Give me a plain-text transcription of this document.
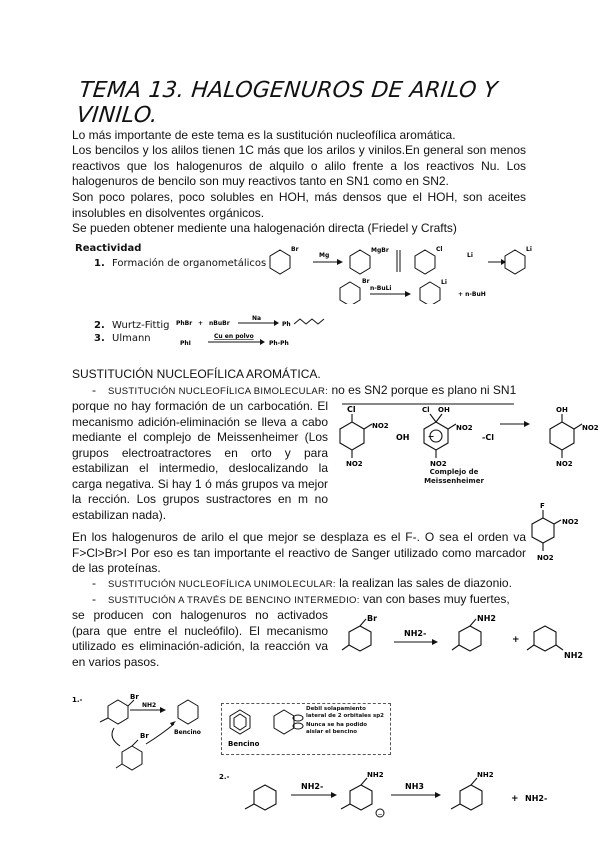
TEMA 13. HALOGENUROS DE ARILO Y VINILO.
Lo más importante de este tema es la sustitución nucleofílica aromática.
Los bencilos y los alilos tienen 1C más que los arilos y vinilos.En general son menos reactivos que los halogenuros de alquilo o alilo frente a los reactivos Nu. Los halogenuros de bencilo son muy reactivos tanto en SN1 como en SN2.
Son poco polares, poco solubles en HOH, más densos que el HOH, son aceites insolubles en disolventes orgánicos.
Se pueden obtener mediente una halogenación directa (Friedel y Crafts)
Reactividad
1. Formación de organometálicos
2. Wurtz-Fittig
3. Ulmann
Br
Mg
MgBr	Cl
Li
Li
Br
n-BuLi
Li
+ n-BuH
PhBr + nBuBr
Na
Ph
PhI
Cu en polvo
Ph-Ph
SUSTITUCIÓN NUCLEOFÍLICA AROMÁTICA.
- SUSTITUCIÓN NUCLEOFÍLICA BIMOLECULAR: no es SN2 porque es plano ni SN1
porque no hay formación de un carbocatión. El mecanismo adición-eliminación se lleva a cabo mediante el complejo de Meissenheimer (Los grupos electroatractores en orto y para estabilizan el intermedio, deslocalizando la carga negativa. Si hay 1 ó más grupos va mejor la rección. Los grupos sustractores en m no estabilizan nada).
−
Cl
NO2
NO2
OH
Cl OH
NO2
NO2
-Cl
OH
NO2
NO2
Complejo de Meissenheimer
F
NO2
NO2
En los halogenuros de arilo el que mejor se desplaza es el F-. O sea el orden va F>Cl>Br>I Por eso es tan importante el reactivo de Sanger utilizado como marcador de las proteínas.
- SUSTITUCIÓN NUCLEOFÍLICA UNIMOLECULAR: la realizan las sales de diazonio.
- SUSTITUCIÓN A TRAVÉS DE BENCINO INTERMEDIO: van con bases muy fuertes,
se producen con halogenuros no activados (para que entre el nucleófilo). El mecanismo utilizado es eliminación-adición, la reacción va en varios pasos.
Br
NH2-
NH2
+
NH2
1.-	Br
NH2
Bencino
Br
Bencino
Debil solapamiento lateral de 2 orbitales sp2
Nunca se ha podido aislar el bencino
2.-
−
NH2-
NH2
NH3
NH2
+ NH2-
